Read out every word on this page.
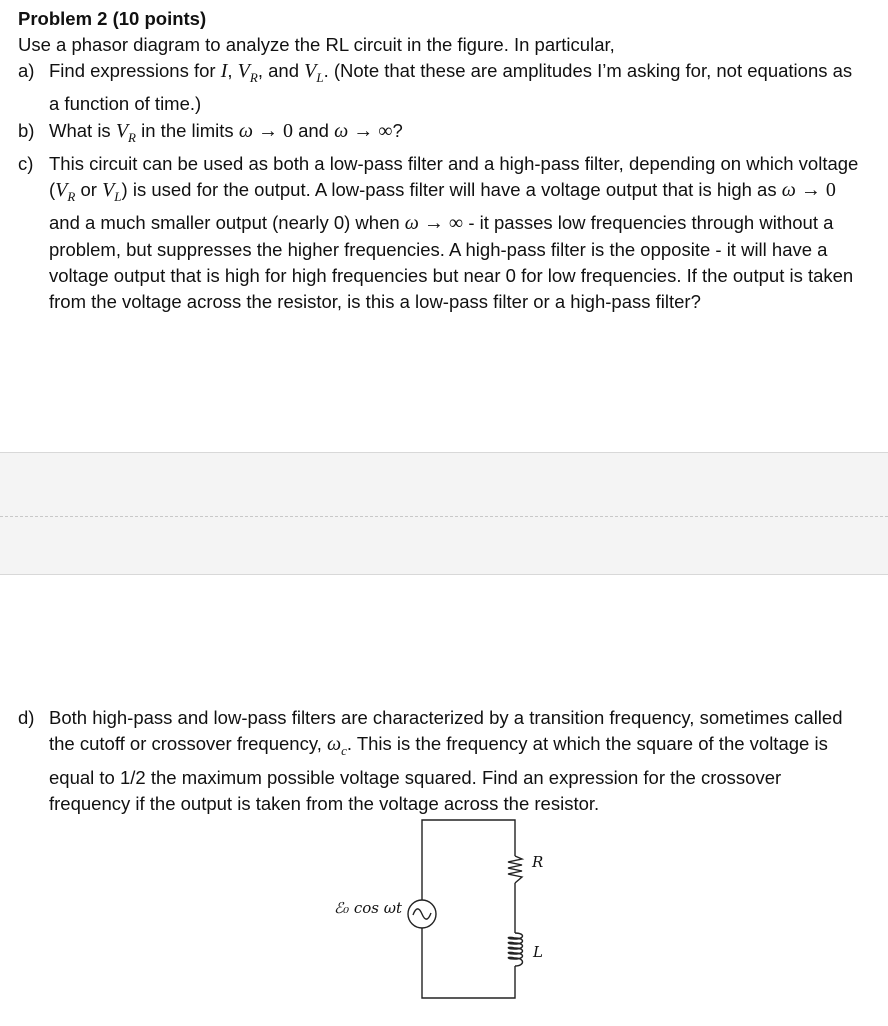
Problem 2 (10 points)
Use a phasor diagram to analyze the RL circuit in the figure. In particular,
a) Find expressions for I, $V_R$, and $V_L$. (Note that these are amplitudes I’m asking for, not equations as a function of time.)
b) What is $V_R$ in the limits ω → 0 and ω → ∞?
c) This circuit can be used as both a low-pass filter and a high-pass filter, depending on which voltage ($V_R$ or $V_L$) is used for the output. A low-pass filter will have a voltage output that is high as ω → 0 and a much smaller output (nearly 0) when ω → ∞ - it passes low frequencies through without a problem, but suppresses the higher frequencies. A high-pass filter is the opposite - it will have a voltage output that is high for high frequencies but near 0 for low frequencies. If the output is taken from the voltage across the resistor, is this a low-pass filter or a high-pass filter?
d) Both high-pass and low-pass filters are characterized by a transition frequency, sometimes called the cutoff or crossover frequency, $\omega_c$. This is the frequency at which the square of the voltage is equal to 1/2 the maximum possible voltage squared. Find an expression for the crossover frequency if the output is taken from the voltage across the resistor.
ℰ₀ cos ωt
R
L
